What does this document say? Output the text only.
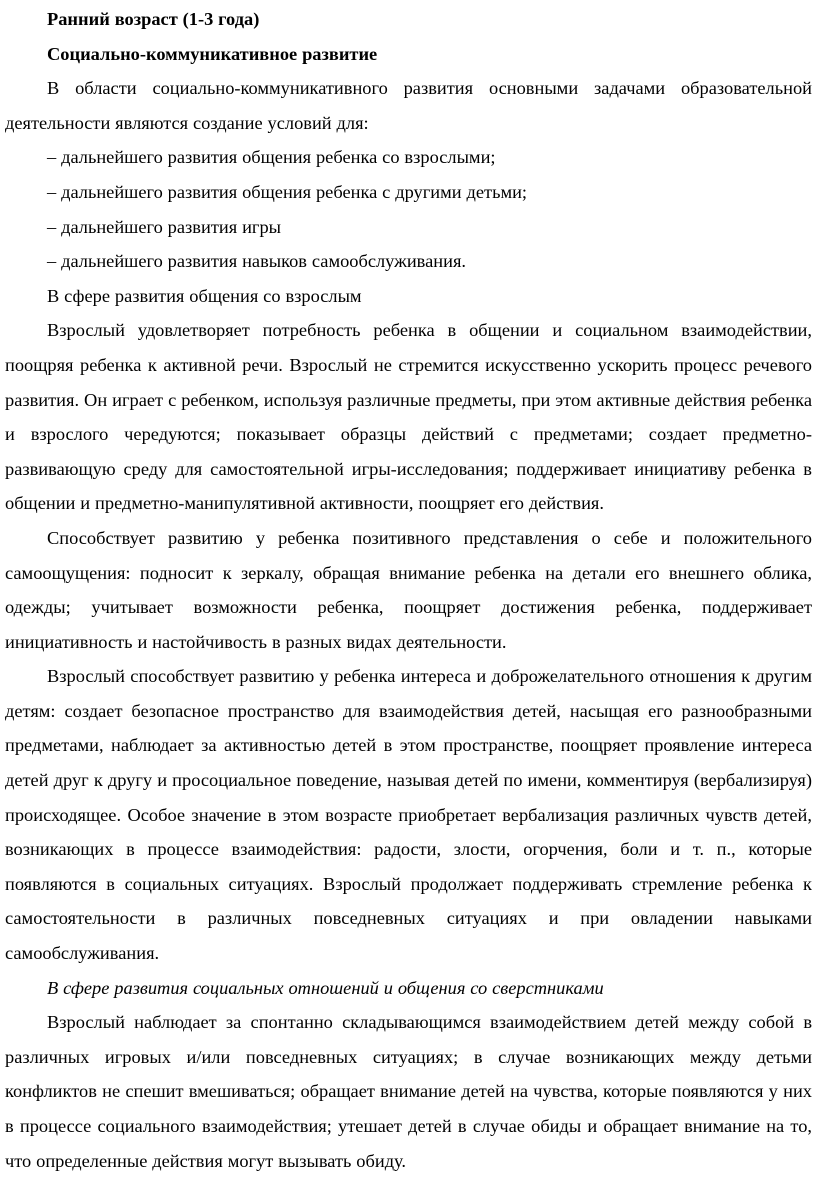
Ранний возраст (1-3 года)

Социально-коммуникативное развитие

В области социально-коммуникативного развития основными задачами образовательной деятельности являются создание условий для:

– дальнейшего развития общения ребенка со взрослыми;

– дальнейшего развития общения ребенка с другими детьми;

– дальнейшего развития игры

– дальнейшего развития навыков самообслуживания.

В сфере развития общения со взрослым

Взрослый удовлетворяет потребность ребенка в общении и социальном взаимодействии, поощряя ребенка к активной речи. Взрослый не стремится искусственно ускорить процесс речевого развития. Он играет с ребенком, используя различные предметы, при этом активные действия ребенка и взрослого чередуются; показывает образцы действий с предметами; создает предметно-развивающую среду для самостоятельной игры-исследования; поддерживает инициативу ребенка в общении и предметно-манипулятивной активности, поощряет его действия.

Способствует развитию у ребенка позитивного представления о себе и положительного самоощущения: подносит к зеркалу, обращая внимание ребенка на детали его внешнего облика, одежды; учитывает возможности ребенка, поощряет достижения ребенка, поддерживает инициативность и настойчивость в разных видах деятельности.

Взрослый способствует развитию у ребенка интереса и доброжелательного отношения к другим детям: создает безопасное пространство для взаимодействия детей, насыщая его разнообразными предметами, наблюдает за активностью детей в этом пространстве, поощряет проявление интереса детей друг к другу и просоциальное поведение, называя детей по имени, комментируя (вербализируя) происходящее. Особое значение в этом возрасте приобретает вербализация различных чувств детей, возникающих в процессе взаимодействия: радости, злости, огорчения, боли и т. п., которые появляются в социальных ситуациях. Взрослый продолжает поддерживать стремление ребенка к самостоятельности в различных повседневных ситуациях и при овладении навыками самообслуживания.

В сфере развития социальных отношений и общения со сверстниками

Взрослый наблюдает за спонтанно складывающимся взаимодействием детей между собой в различных игровых и/или повседневных ситуациях; в случае возникающих между детьми конфликтов не спешит вмешиваться; обращает внимание детей на чувства, которые появляются у них в процессе социального взаимодействия; утешает детей в случае обиды и обращает внимание на то, что определенные действия могут вызывать обиду.
